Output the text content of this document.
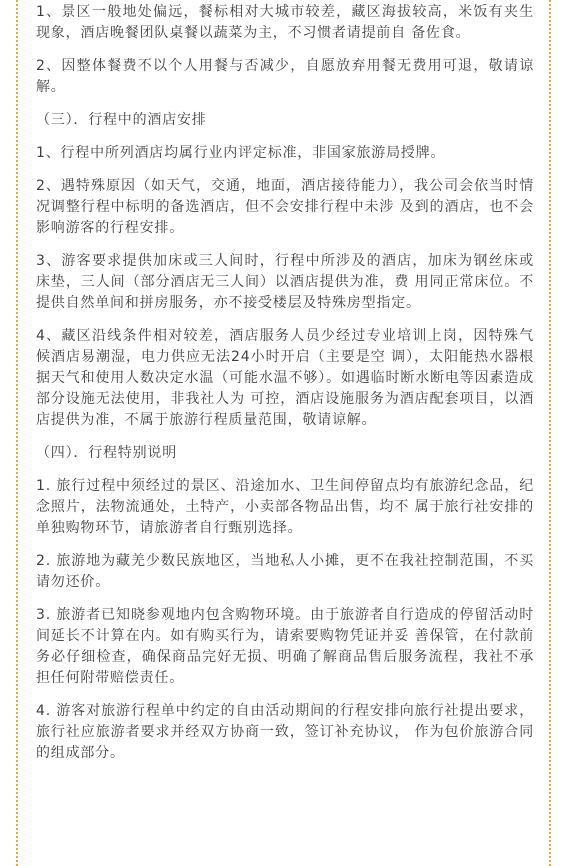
1、景区一般地处偏远，餐标相对大城市较差，藏区海拔较高，米饭有夹生现象，酒店晚餐团队桌餐以蔬菜为主，不习惯者请提前自 备佐食。

2、因整体餐费不以个人用餐与否减少，自愿放弃用餐无费用可退，敬请谅解。

（三）．行程中的酒店安排

1、行程中所列酒店均属行业内评定标准，非国家旅游局授牌。

2、遇特殊原因（如天气，交通，地面，酒店接待能力），我公司会依当时情况调整行程中标明的备选酒店，但不会安排行程中未涉 及到的酒店，也不会影响游客的行程安排。

3、游客要求提供加床或三人间时，行程中所涉及的酒店，加床为钢丝床或床垫，三人间（部分酒店无三人间）以酒店提供为准，费 用同正常床位。不提供自然单间和拼房服务，亦不接受楼层及特殊房型指定。

4、藏区沿线条件相对较差，酒店服务人员少经过专业培训上岗，因特殊气候酒店易潮湿，电力供应无法24小时开启（主要是空 调），太阳能热水器根据天气和使用人数决定水温（可能水温不够）。如遇临时断水断电等因素造成部分设施无法使用，非我社人为 可控，酒店设施服务为酒店配套项目，以酒店提供为准，不属于旅游行程质量范围，敬请谅解。

（四）．行程特别说明

1. 旅行过程中须经过的景区、沿途加水、卫生间停留点均有旅游纪念品，纪念照片，法物流通处，土特产，小卖部各物品出售，均不 属于旅行社安排的单独购物环节，请旅游者自行甄别选择。

2. 旅游地为藏羌少数民族地区，当地私人小摊，更不在我社控制范围，不买请勿还价。

3. 旅游者已知晓参观地内包含购物环境。由于旅游者自行造成的停留活动时间延长不计算在内。如有购买行为，请索要购物凭证并妥 善保管，在付款前务必仔细检查，确保商品完好无损、明确了解商品售后服务流程，我社不承担任何附带赔偿责任。

4. 游客对旅游行程单中约定的自由活动期间的行程安排向旅行社提出要求，旅行社应旅游者要求并经双方协商一致，签订补充协议， 作为包价旅游合同的组成部分。
